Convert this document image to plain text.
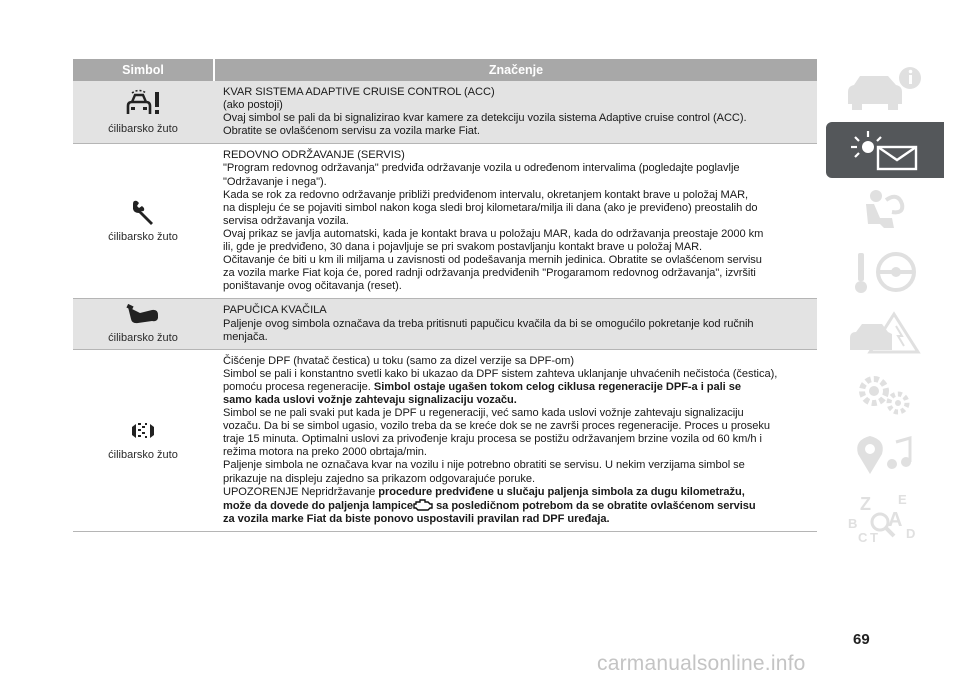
Simbol	Značenje
ćilibarsko žuto

KVAR SISTEMA ADAPTIVE CRUISE CONTROL (ACC)

(ako postoji)

Ovaj simbol se pali da bi signalizirao kvar kamere za detekciju vozila sistema Adaptive cruise control (ACC).

Obratite se ovlašćenom servisu za vozila marke Fiat.

ćilibarsko žuto

REDOVNO ODRŽAVANJE (SERVIS)

"Program redovnog održavanja" predviđa održavanje vozila u određenom intervalima (pogledajte poglavlje

"Održavanje i nega").

Kada se rok za redovno održavanje približi predviđenom intervalu, okretanjem kontakt brave u položaj MAR,

na displeju će se pojaviti simbol nakon koga sledi broj kilometara/milja ili dana (ako je previđeno) preostalih do

servisa održavanja vozila.

Ovaj prikaz se javlja automatski, kada je kontakt brava u položaju MAR, kada do održavanja preostaje 2000 km

ili, gde je predviđeno, 30 dana i pojavljuje se pri svakom postavljanju kontakt brave u položaj MAR.

Očitavanje će biti u km ili miljama u zavisnosti od podešavanja mernih jedinica. Obratite se ovlašćenom servisu

za vozila marke Fiat koja će, pored radnji održavanja predviđenih "Progaramom redovnog održavanja", izvršiti

poništavanje ovog očitavanja (reset).

ćilibarsko žuto

PAPUČICA KVAČILA

Paljenje ovog simbola označava da treba pritisnuti papučicu kvačila da bi se omogućilo pokretanje kod ručnih

menjača.

ćilibarsko žuto

Čišćenje DPF (hvatač čestica) u toku (samo za dizel verzije sa DPF-om)

Simbol se pali i konstantno svetli kako bi ukazao da DPF sistem zahteva uklanjanje uhvaćenih nečistoća (čestica),

pomoću procesa regeneracije. Simbol ostaje ugašen tokom celog ciklusa regeneracije DPF-a i pali se

samo kada uslovi vožnje zahtevaju signalizaciju vozaču.

Simbol se ne pali svaki put kada je DPF u regeneraciji, već samo kada uslovi vožnje zahtevaju signalizaciju

vozaču. Da bi se simbol ugasio, vozilo treba da se kreće dok se ne završi proces regeneracije. Proces u proseku

traje 15 minuta. Optimalni uslovi za privođenje kraju procesa se postižu održavanjem brzine vozila od 60 km/h i

režima motora na preko 2000 obrtaja/min.

Paljenje simbola ne označava kvar na vozilu i nije potrebno obratiti se servisu. U nekim verzijama simbol se

prikazuje na displeju zajedno sa prikazom odgovarajuće poruke.

UPOZORENJE Nepridržavanje procedure predviđene u slučaju paljenja simbola za dugu kilometražu,

može da dovede do paljenja lampice sa posledičnom potrebom da se obratite ovlašćenom servisu

za vozila marke Fiat da biste ponovo uspostavili pravilan rad DPF uređaja.

Z E
B A
C T D
69
carmanualsonline.info
